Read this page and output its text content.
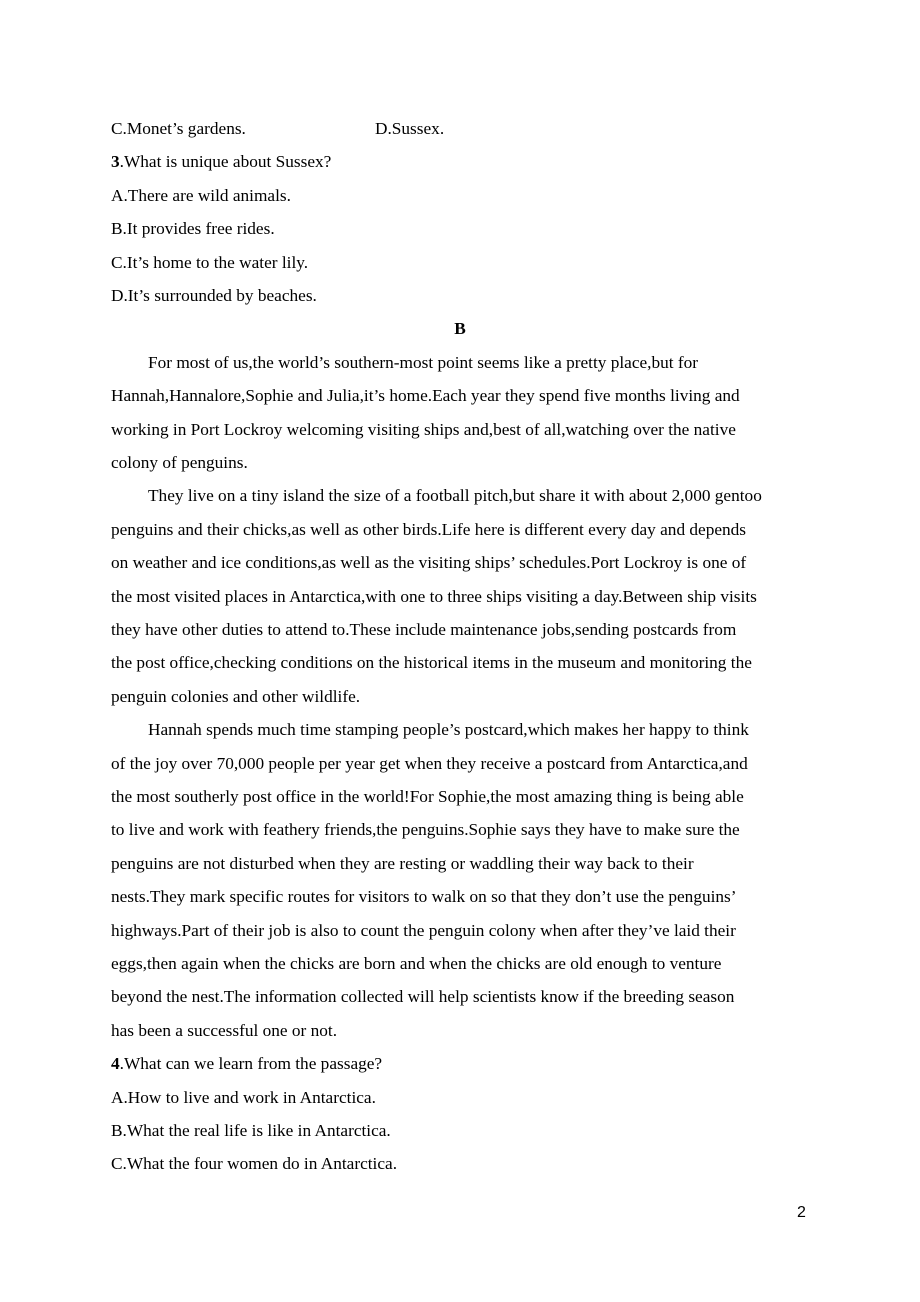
C.Monet’s gardens.	D.Sussex.
3.What is unique about Sussex?
A.There are wild animals.
B.It provides free rides.
C.It’s home to the water lily.
D.It’s surrounded by beaches.
B
For most of us,the world’s southern-most point seems like a pretty place,but for
Hannah,Hannalore,Sophie and Julia,it’s home.Each year they spend five months living and
working in Port Lockroy welcoming visiting ships and,best of all,watching over the native
colony of penguins.
They live on a tiny island the size of a football pitch,but share it with about 2,000 gentoo
penguins and their chicks,as well as other birds.Life here is different every day and depends
on weather and ice conditions,as well as the visiting ships’ schedules.Port Lockroy is one of
the most visited places in Antarctica,with one to three ships visiting a day.Between ship visits
they have other duties to attend to.These include maintenance jobs,sending postcards from
the post office,checking conditions on the historical items in the museum and monitoring the
penguin colonies and other wildlife.
Hannah spends much time stamping people’s postcard,which makes her happy to think
of the joy over 70,000 people per year get when they receive a postcard from Antarctica,and
the most southerly post office in the world!For Sophie,the most amazing thing is being able
to live and work with feathery friends,the penguins.Sophie says they have to make sure the
penguins are not disturbed when they are resting or waddling their way back to their
nests.They mark specific routes for visitors to walk on so that they don’t use the penguins’
highways.Part of their job is also to count the penguin colony when after they’ve laid their
eggs,then again when the chicks are born and when the chicks are old enough to venture
beyond the nest.The information collected will help scientists know if the breeding season
has been a successful one or not.
4.What can we learn from the passage?
A.How to live and work in Antarctica.
B.What the real life is like in Antarctica.
C.What the four women do in Antarctica.
2
